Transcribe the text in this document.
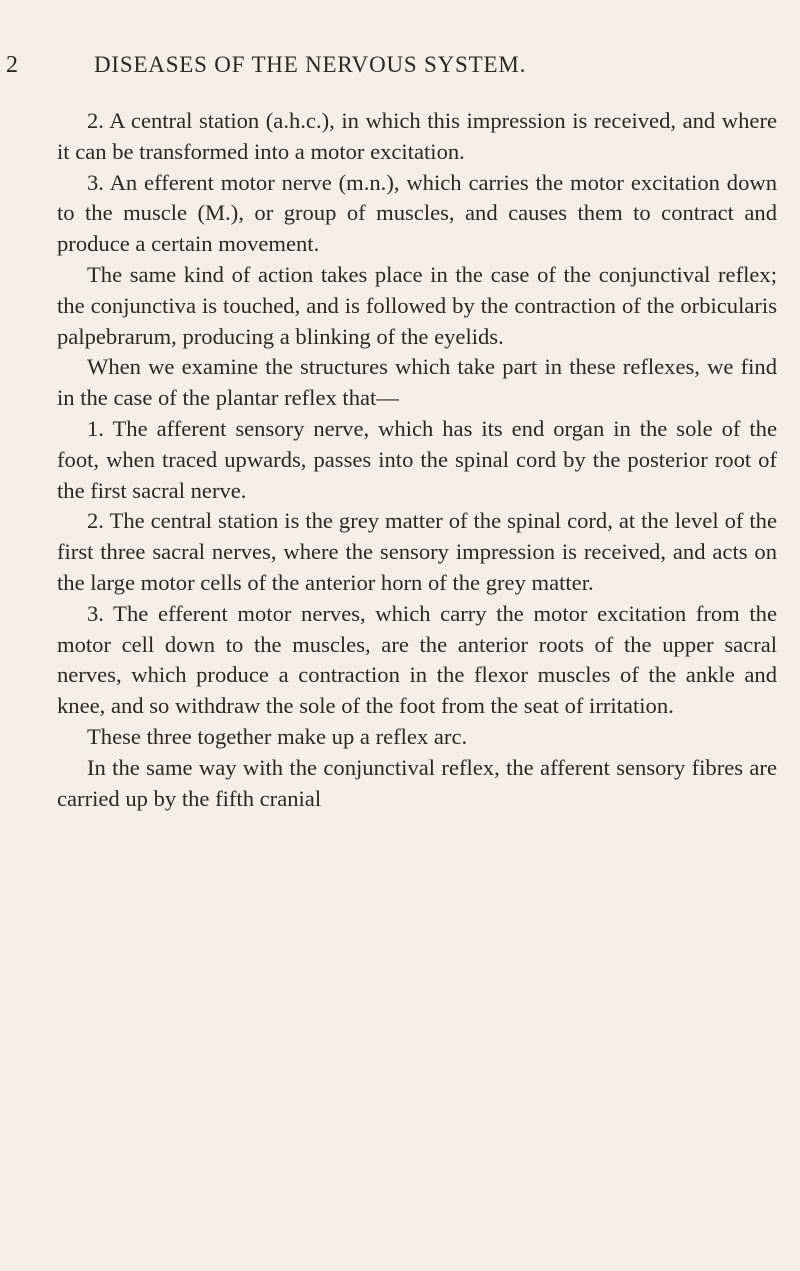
2	DISEASES OF THE NERVOUS SYSTEM.

2. A central station (a.h.c.), in which this impression is received, and where it can be transformed into a motor excitation.

3. An efferent motor nerve (m.n.), which carries the motor excitation down to the muscle (M.), or group of muscles, and causes them to contract and produce a certain movement.

The same kind of action takes place in the case of the conjunctival reflex; the conjunctiva is touched, and is followed by the contraction of the orbicularis palpebrarum, producing a blinking of the eyelids.

When we examine the structures which take part in these reflexes, we find in the case of the plantar reflex that—

1. The afferent sensory nerve, which has its end organ in the sole of the foot, when traced upwards, passes into the spinal cord by the posterior root of the first sacral nerve.

2. The central station is the grey matter of the spinal cord, at the level of the first three sacral nerves, where the sensory impression is received, and acts on the large motor cells of the anterior horn of the grey matter.

3. The efferent motor nerves, which carry the motor excitation from the motor cell down to the muscles, are the anterior roots of the upper sacral nerves, which produce a contraction in the flexor muscles of the ankle and knee, and so withdraw the sole of the foot from the seat of irritation.

These three together make up a reflex arc.

In the same way with the conjunctival reflex, the afferent sensory fibres are carried up by the fifth cranial
